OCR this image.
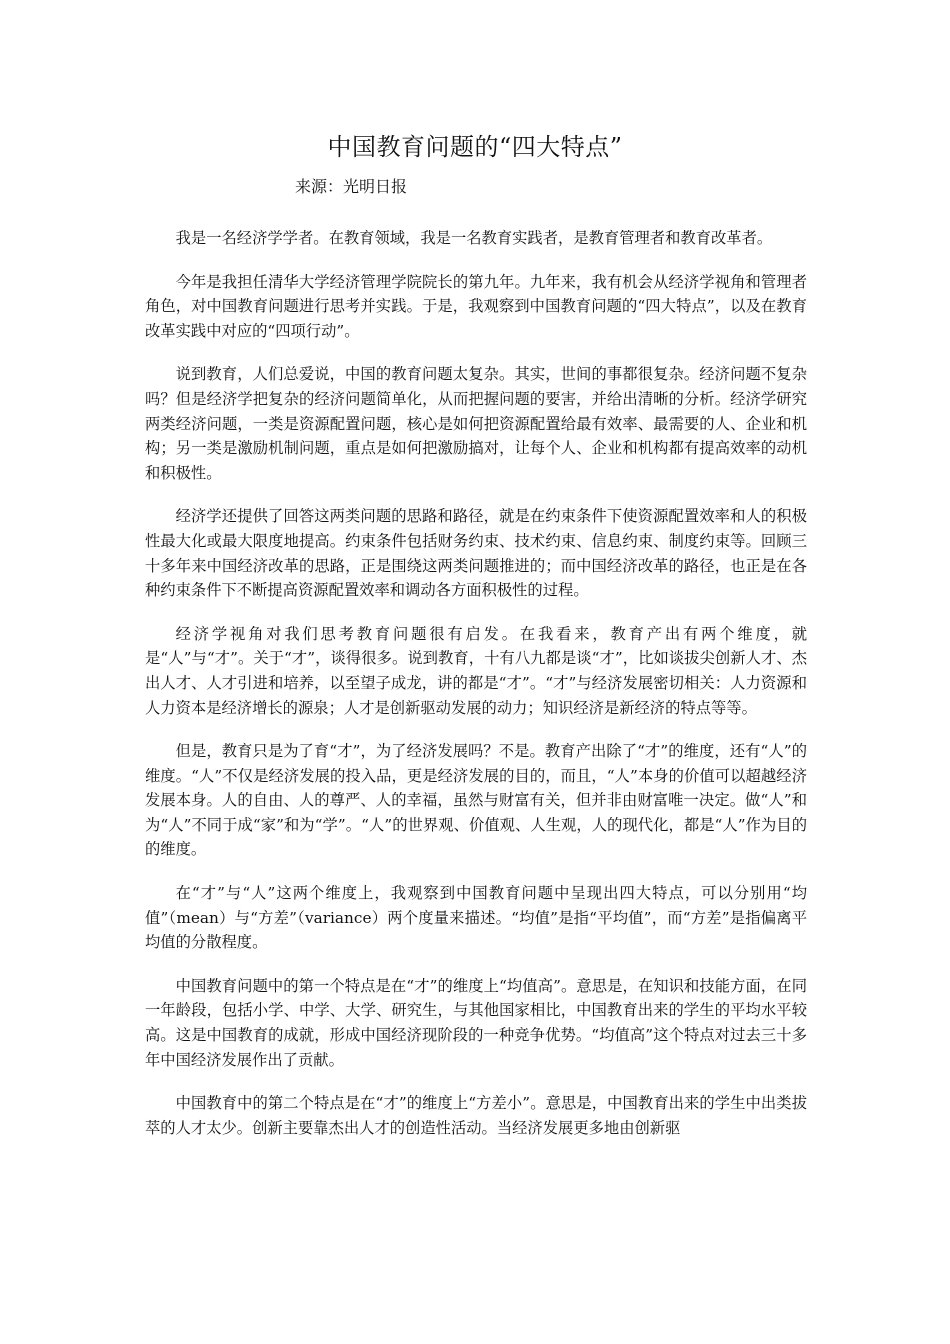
中国教育问题的“四大特点”
来源：光明日报

我是一名经济学学者。在教育领域，我是一名教育实践者，是教育管理者和教育改革者。

今年是我担任清华大学经济管理学院院长的第九年。九年来，我有机会从经济学视角和管理者角色，对中国教育问题进行思考并实践。于是，我观察到中国教育问题的“四大特点”，以及在教育改革实践中对应的“四项行动”。

说到教育，人们总爱说，中国的教育问题太复杂。其实，世间的事都很复杂。经济问题不复杂吗？但是经济学把复杂的经济问题简单化，从而把握问题的要害，并给出清晰的分析。经济学研究两类经济问题，一类是资源配置问题，核心是如何把资源配置给最有效率、最需要的人、企业和机构；另一类是激励机制问题，重点是如何把激励搞对，让每个人、企业和机构都有提高效率的动机和积极性。

经济学还提供了回答这两类问题的思路和路径，就是在约束条件下使资源配置效率和人的积极性最大化或最大限度地提高。约束条件包括财务约束、技术约束、信息约束、制度约束等。回顾三十多年来中国经济改革的思路，正是围绕这两类问题推进的；而中国经济改革的路径，也正是在各种约束条件下不断提高资源配置效率和调动各方面积极性的过程。

经济学视角对我们思考教育问题很有启发。在我看来，教育产出有两个维度，就是“人”与“才”。关于“才”，谈得很多。说到教育，十有八九都是谈“才”，比如谈拔尖创新人才、杰出人才、人才引进和培养，以至望子成龙，讲的都是“才”。“才”与经济发展密切相关：人力资源和人力资本是经济增长的源泉；人才是创新驱动发展的动力；知识经济是新经济的特点等等。

但是，教育只是为了育“才”，为了经济发展吗？不是。教育产出除了“才”的维度，还有“人”的维度。“人”不仅是经济发展的投入品，更是经济发展的目的，而且，“人”本身的价值可以超越经济发展本身。人的自由、人的尊严、人的幸福，虽然与财富有关，但并非由财富唯一决定。做“人”和为“人”不同于成“家”和为“学”。“人”的世界观、价值观、人生观，人的现代化，都是“人”作为目的的维度。

在“才”与“人”这两个维度上，我观察到中国教育问题中呈现出四大特点，可以分别用“均值”（mean）与“方差”（variance）两个度量来描述。“均值”是指“平均值”，而“方差”是指偏离平均值的分散程度。

中国教育问题中的第一个特点是在“才”的维度上“均值高”。意思是，在知识和技能方面，在同一年龄段，包括小学、中学、大学、研究生，与其他国家相比，中国教育出来的学生的平均水平较高。这是中国教育的成就，形成中国经济现阶段的一种竞争优势。“均值高”这个特点对过去三十多年中国经济发展作出了贡献。

中国教育中的第二个特点是在“才”的维度上“方差小”。意思是，中国教育出来的学生中出类拔萃的人才太少。创新主要靠杰出人才的创造性活动。当经济发展更多地由创新驱
